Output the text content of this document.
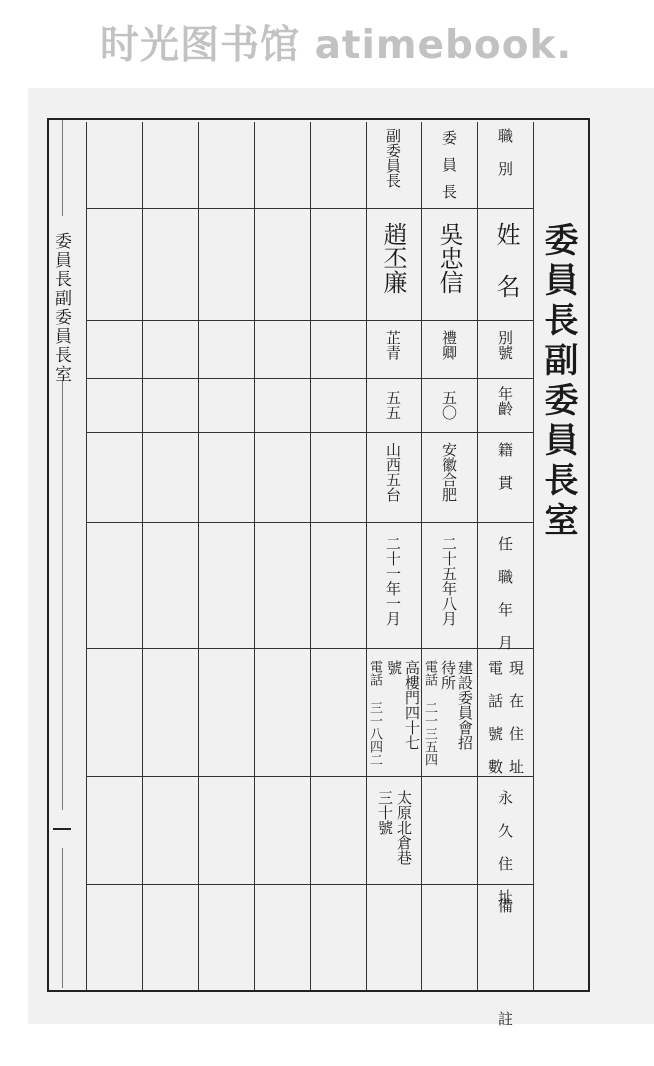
时光图书馆 atimebook.
委員長副委員長室	委員長副委員長室
職 別
姓 名
別號
年齡
籍 貫
任 職 年 月
現 在 住 址
電 話 號 數
永 久 住 址
備 註
委員長
吳忠信
禮卿
五〇
安徽合肥
二十五年八月
建設委員會招
待所
電話 二一三五四
副委員長
趙丕廉
芷青
五五
山西五台
二十一年一月
高樓門四十七
號
電話 三一八四二
太原北倉巷
三十號
